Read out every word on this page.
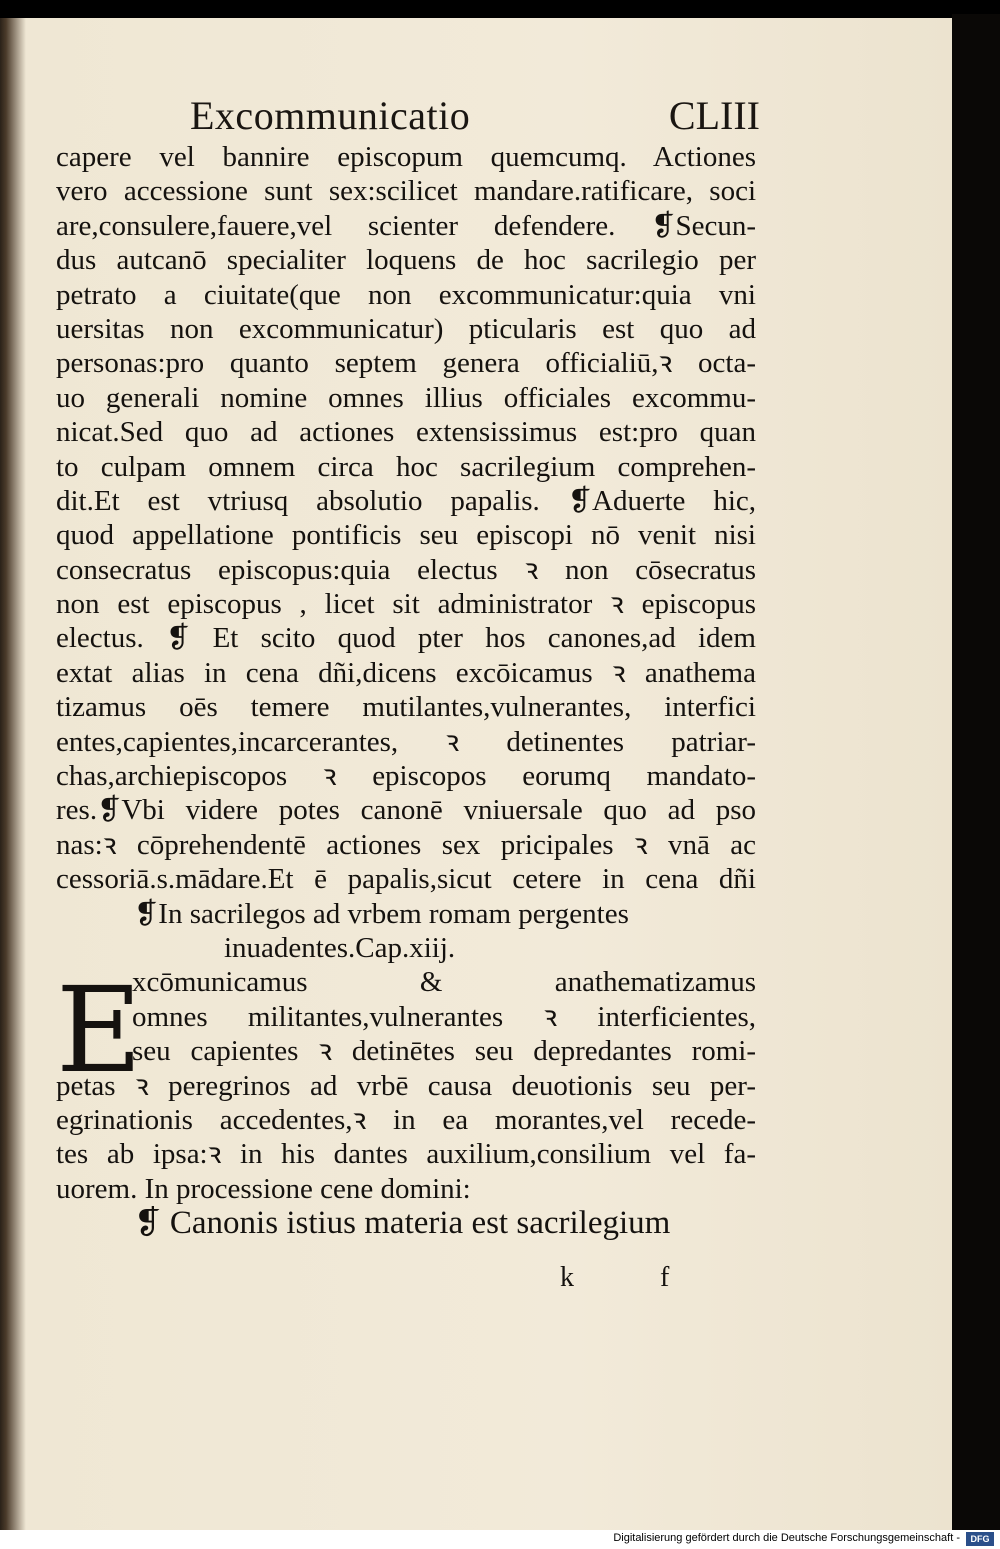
Excommunicatio	CLIII
capere vel bannire episcopum quemcumq. Actiones
vero accessione sunt sex:scilicet mandare.ratificare, soci
are,consulere,fauere,vel scienter defendere. ❡Secun-
dus autcanō specialiter loquens de hoc sacrilegio per
petrato a ciuitate(que non excommunicatur:quia vni
uersitas non excommunicatur) pticularis est quo ad
personas:pro quanto septem genera officialiū,ꝛ octa-
uo generali nomine omnes illius officiales excommu-
nicat.Sed quo ad actiones extensissimus est:pro quan
to culpam omnem circa hoc sacrilegium comprehen-
dit.Et est vtriusq absolutio papalis. ❡Aduerte hic,
quod appellatione pontificis seu episcopi nō venit nisi
consecratus episcopus:quia electus ꝛ non cōsecratus
non est episcopus , licet sit administrator ꝛ episcopus
electus. ❡ Et scito quod pter hos canones,ad idem
extat alias in cena dñi,dicens excōicamus ꝛ anathema
tizamus oēs temere mutilantes,vulnerantes, interfici
entes,capientes,incarcerantes, ꝛ detinentes patriar-
chas,archiepiscopos ꝛ episcopos eorumq mandato-
res.❡Vbi videre potes canonē vniuersale quo ad pso
nas:ꝛ cōprehendentē actiones sex pricipales ꝛ vnā ac
cessoriā.s.mādare.Et ē papalis,sicut cetere in cena dñi
❡In sacrilegos ad vrbem romam pergentes
inuadentes.Cap.xiij.
xcōmunicamus & anathematizamus
omnes militantes,vulnerantes ꝛ interficientes,
seu capientes ꝛ detinētes seu depredantes romi-
petas ꝛ peregrinos ad vrbē causa deuotionis seu per-
egrinationis accedentes,ꝛ in ea morantes,vel recede-
tes ab ipsa:ꝛ in his dantes auxilium,consilium vel fa-
uorem. In processione cene domini:
❡ Canonis istius materia est sacrilegium
E
k	f
Digitalisierung gefördert durch die Deutsche Forschungsgemeinschaft -	DFG
